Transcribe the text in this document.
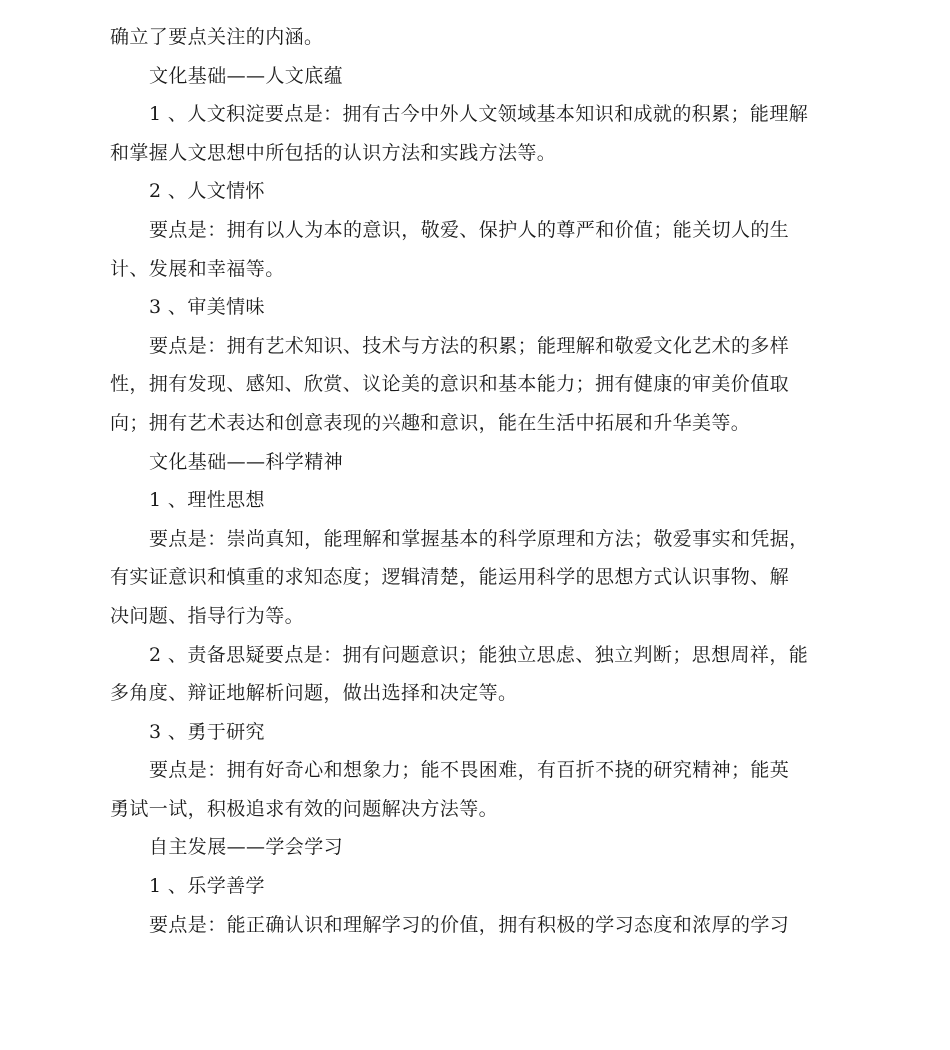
确立了要点关注的内涵。
文化基础——人文底蕴
1 、人文积淀要点是：拥有古今中外人文领域基本知识和成就的积累；能理解
和掌握人文思想中所包括的认识方法和实践方法等。
2 、人文情怀
要点是：拥有以人为本的意识，敬爱、保护人的尊严和价值；能关切人的生
计、发展和幸福等。
3 、审美情味
要点是：拥有艺术知识、技术与方法的积累；能理解和敬爱文化艺术的多样
性，拥有发现、感知、欣赏、议论美的意识和基本能力；拥有健康的审美价值取
向；拥有艺术表达和创意表现的兴趣和意识，能在生活中拓展和升华美等。
文化基础——科学精神
1 、理性思想
要点是：崇尚真知，能理解和掌握基本的科学原理和方法；敬爱事实和凭据，
有实证意识和慎重的求知态度；逻辑清楚，能运用科学的思想方式认识事物、解
决问题、指导行为等。
2 、责备思疑要点是：拥有问题意识；能独立思虑、独立判断；思想周祥，能
多角度、辩证地解析问题，做出选择和决定等。
3 、勇于研究
要点是：拥有好奇心和想象力；能不畏困难，有百折不挠的研究精神；能英
勇试一试，积极追求有效的问题解决方法等。
自主发展——学会学习
1 、乐学善学
要点是：能正确认识和理解学习的价值，拥有积极的学习态度和浓厚的学习
